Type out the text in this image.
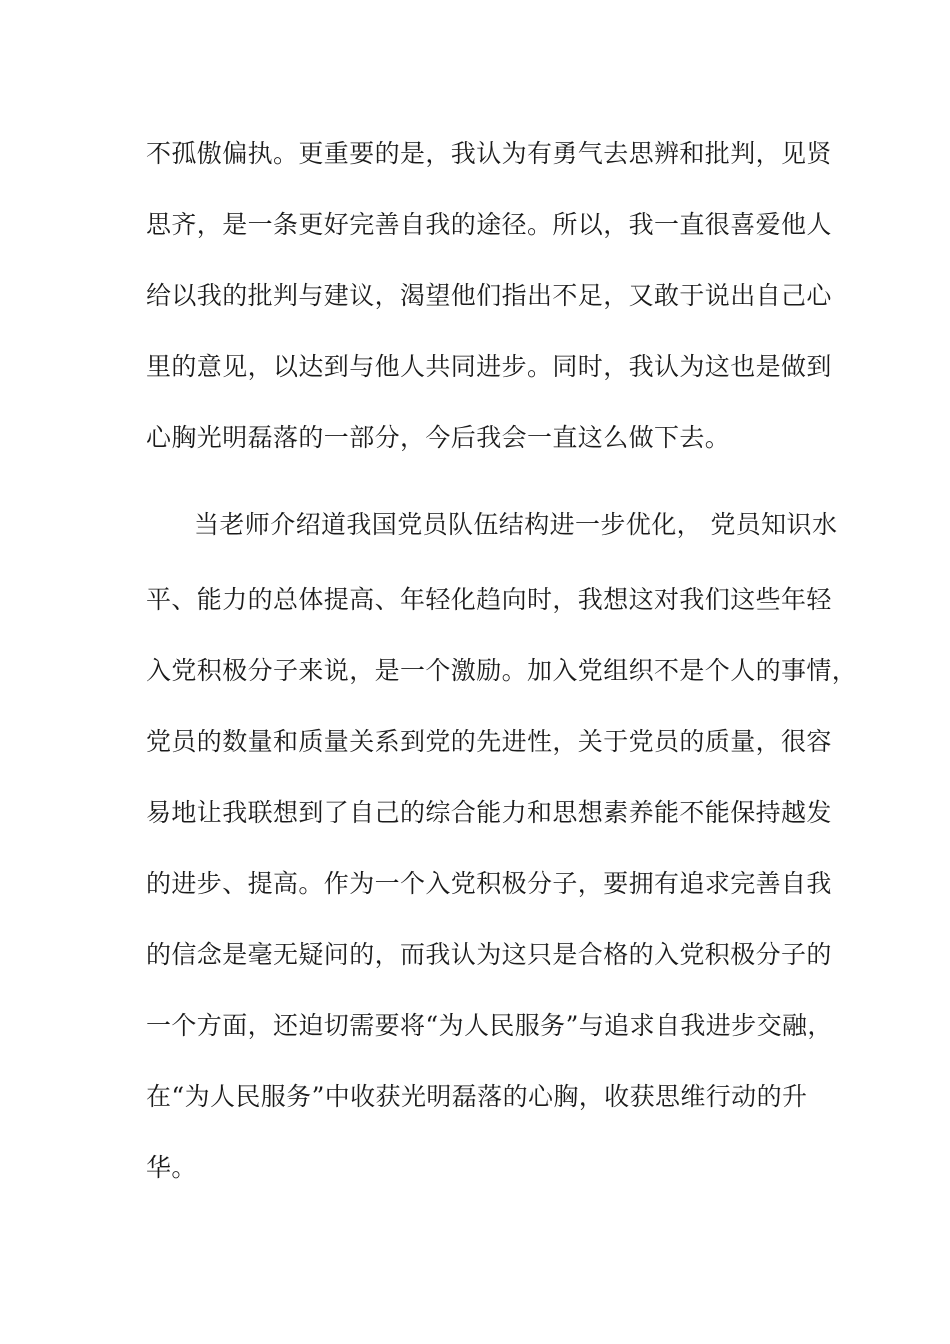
不孤傲偏执。更重要的是，我认为有勇气去思辨和批判，见贤
思齐，是一条更好完善自我的途径。所以，我一直很喜爱他人
给以我的批判与建议，渴望他们指出不足，又敢于说出自己心
里的意见，以达到与他人共同进步。同时，我认为这也是做到
心胸光明磊落的一部分，今后我会一直这么做下去。
当老师介绍道我国党员队伍结构进一步优化， 党员知识水
平、能力的总体提高、年轻化趋向时，我想这对我们这些年轻
入党积极分子来说，是一个激励。加入党组织不是个人的事情，
党员的数量和质量关系到党的先进性，关于党员的质量，很容
易地让我联想到了自己的综合能力和思想素养能不能保持越发
的进步、提高。作为一个入党积极分子，要拥有追求完善自我
的信念是毫无疑问的，而我认为这只是合格的入党积极分子的
一个方面，还迫切需要将“为人民服务”与追求自我进步交融，
在“为人民服务”中收获光明磊落的心胸，收获思维行动的升
华。
